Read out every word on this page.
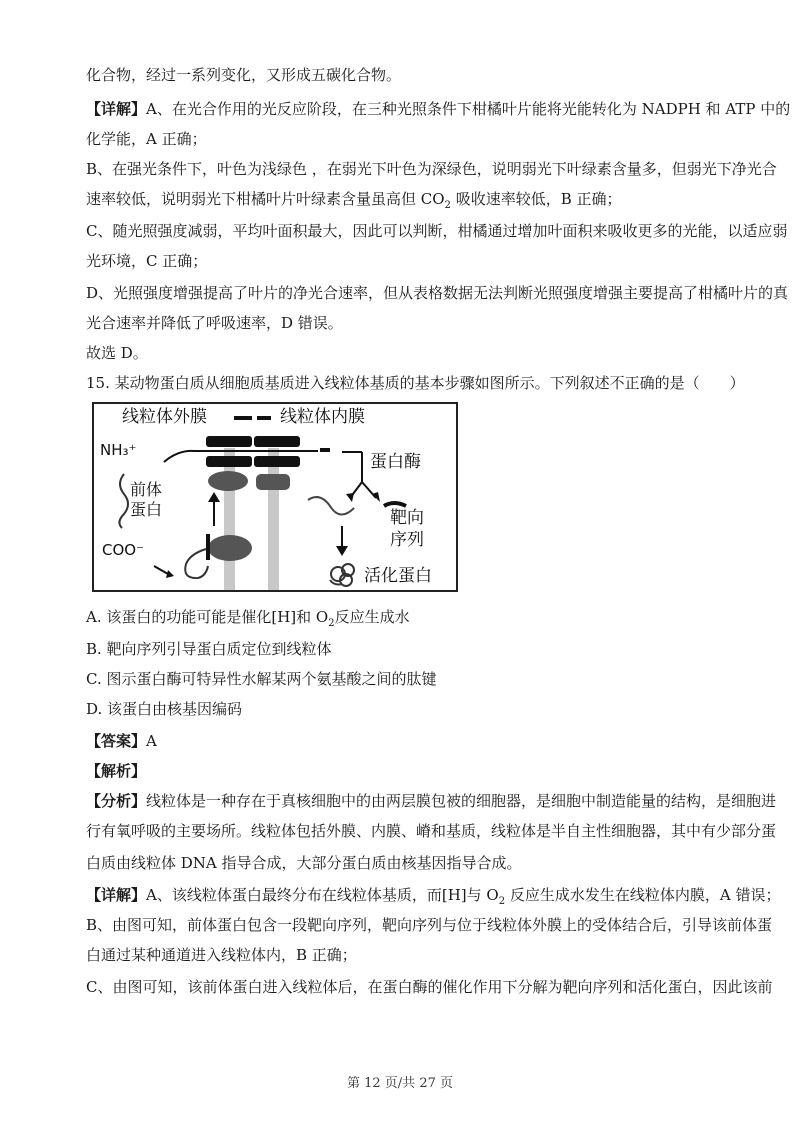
化合物，经过一系列变化，又形成五碳化合物。
【详解】A、在光合作用的光反应阶段，在三种光照条件下柑橘叶片能将光能转化为 NADPH 和 ATP 中的
化学能，A 正确；
B、在强光条件下，叶色为浅绿色 ，在弱光下叶色为深绿色，说明弱光下叶绿素含量多，但弱光下净光合
速率较低，说明弱光下柑橘叶片叶绿素含量虽高但 $CO_2$ 吸收速率较低，B 正确；
C、随光照强度减弱，平均叶面积最大，因此可以判断，柑橘通过增加叶面积来吸收更多的光能，以适应弱
光环境，C 正确；
D、光照强度增强提高了叶片的净光合速率，但从表格数据无法判断光照强度增强主要提高了柑橘叶片的真
光合速率并降低了呼吸速率，D 错误。
故选 D。
15. 某动物蛋白质从细胞质基质进入线粒体基质的基本步骤如图所示。下列叙述不正确的是（　　）
线粒体外膜	线粒体内膜
NH₃⁺
前体
蛋白
COO⁻
蛋白酶
靶向
序列
活化蛋白
A. 该蛋白的功能可能是催化[H]和 $O_2$反应生成水
B. 靶向序列引导蛋白质定位到线粒体
C. 图示蛋白酶可特异性水解某两个氨基酸之间的肽键
D. 该蛋白由核基因编码
【答案】A
【解析】
【分析】线粒体是一种存在于真核细胞中的由两层膜包被的细胞器，是细胞中制造能量的结构，是细胞进
行有氧呼吸的主要场所。线粒体包括外膜、内膜、嵴和基质，线粒体是半自主性细胞器，其中有少部分蛋
白质由线粒体 DNA 指导合成，大部分蛋白质由核基因指导合成。
【详解】A、该线粒体蛋白最终分布在线粒体基质，而[H]与 $O_2$ 反应生成水发生在线粒体内膜，A 错误；
B、由图可知，前体蛋白包含一段靶向序列，靶向序列与位于线粒体外膜上的受体结合后，引导该前体蛋
白通过某种通道进入线粒体内，B 正确；
C、由图可知，该前体蛋白进入线粒体后，在蛋白酶的催化作用下分解为靶向序列和活化蛋白，因此该前
第 12 页/共 27 页
